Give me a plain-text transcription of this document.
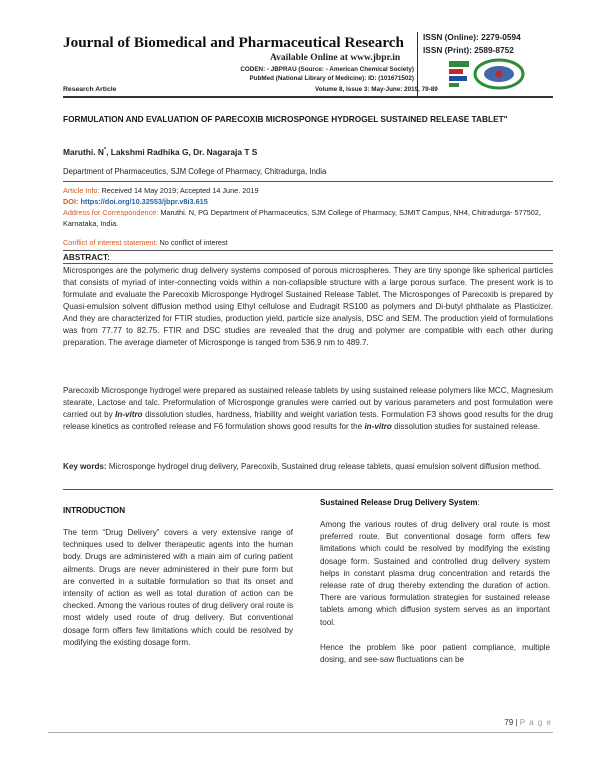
Journal of Biomedical and Pharmaceutical Research
Available Online at www.jbpr.in
CODEN: - JBPRAU (Source: - American Chemical Society)
PubMed (National Library of Medicine): ID: (101671502)
ISSN (Online): 2279-0594
ISSN (Print): 2589-8752
Research Article	Volume 8, Issue 3: May-June: 2019, 79-89
FORMULATION AND EVALUATION OF PARECOXIB MICROSPONGE HYDROGEL SUSTAINED RELEASE TABLET"
Maruthi. N*, Lakshmi Radhika G, Dr. Nagaraja T S
Department of Pharmaceutics, SJM College of Pharmacy, Chitradurga, India
Article Info: Received 14 May 2019; Accepted 14 June. 2019
DOI: https://doi.org/10.32553/jbpr.v8i3.615
Address for Correspondence: Maruthi. N, PG Department of Pharmaceutics, SJM College of Pharmacy, SJMIT Campus, NH4, Chitradurga- 577502, Karnataka, India.
Conflict of interest statement: No conflict of interest
ABSTRACT:
Microsponges are the polymeric drug delivery systems composed of porous microspheres. They are tiny sponge like spherical particles that consists of myriad of inter-connecting voids within a non-collapsible structure with a large porous surface. The present work is to formulate and evaluate the Parecoxib Microsponge Hydrogel Sustained Release Tablet. The Microsponges of Parecoxib is prepared by Quasi-emulsion solvent diffusion method using Ethyl cellulose and Eudragit RS100 as polymers and Di-butyl phthalate as Plasticizer. And they are characterized for FTIR studies, production yield, particle size analysis, DSC and SEM. The production yield of formulations was from 77.77 to 82.75. FTIR and DSC studies are revealed that the drug and polymer are compatible with each other during preparation. The average diameter of Microsponge is ranged from 536.9 nm to 489.7.
Parecoxib Microsponge hydrogel were prepared as sustained release tablets by using sustained release polymers like MCC, Magnesium stearate, Lactose and talc. Preformulation of Microsponge granules were carried out by various parameters and post formulation were carried out by In-vitro dissolution studies, hardness, friability and weight variation tests. Formulation F3 shows good results for the drug release kinetics as controlled release and F6 formulation shows good results for the in-vitro dissolution studies for sustained release.
Key words: Microsponge hydrogel drug delivery, Parecoxib, Sustained drug release tablets, quasi emulsion solvent diffusion method.
INTRODUCTION
The term “Drug Delivery” covers a very extensive range of techniques used to deliver therapeutic agents into the human body. Drugs are administered with a main aim of curing patient ailments. Drugs are never administered in their pure form but are converted in a suitable formulation so that its onset and intensity of action as well as total duration of action can be checked. Among the various routes of drug delivery oral route is most widely used route of drug delivery. But conventional dosage form offers few limitations which could be resolved by modifying the existing dosage form.
Sustained Release Drug Delivery System:
Among the various routes of drug delivery oral route is most preferred route. But conventional dosage form offers few limitations which could be resolved by modifying the existing dosage form. Sustained and controlled drug delivery system helps in constant plasma drug concentration and retards the release rate of drug thereby extending the duration of action. There are various formulation strategies for sustained release tablets among which diffusion system serves as an important tool.
Hence the problem like poor patient compliance, multiple dosing, and see-saw fluctuations can be
79 | P a g e
